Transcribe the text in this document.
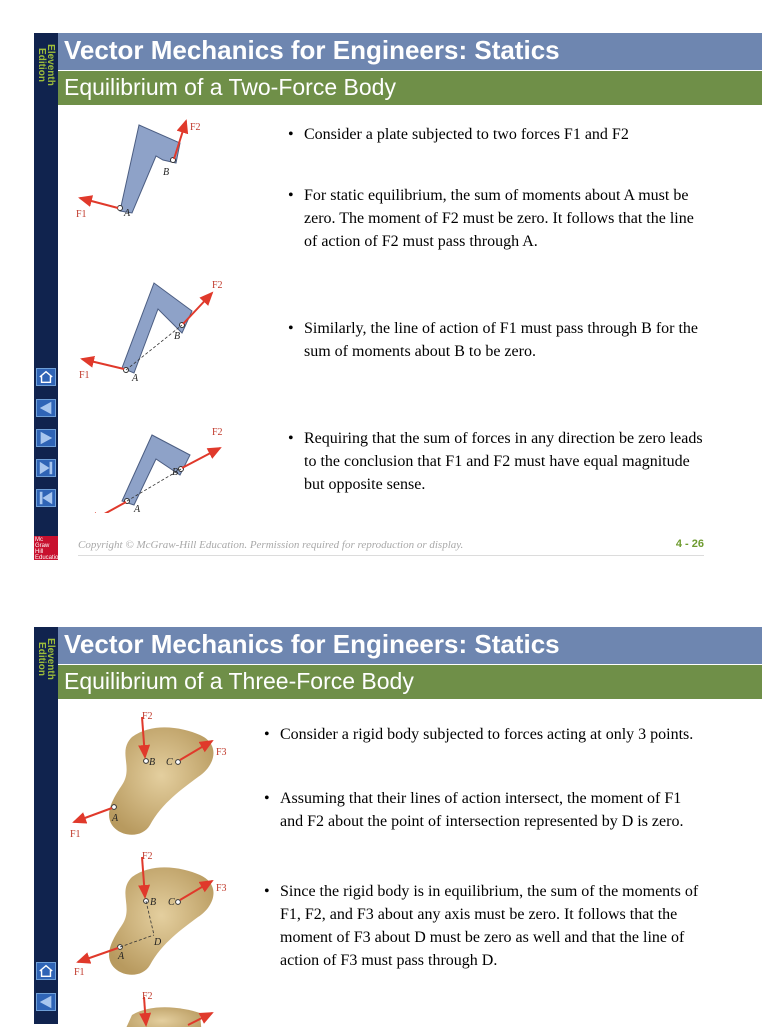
Eleventh
Edition
Mc Graw Hill Education
Vector Mechanics for Engineers: Statics
Equilibrium of a Two-Force Body
A
B
F1
F2
A
B
F1
F2
A
B
F2
• Consider a plate subjected to two forces F1 and F2
• For static equilibrium, the sum of moments about A must be zero. The moment of F2 must be zero. It follows that the line of action of F2 must pass through A.
• Similarly, the line of action of F1 must pass through B for the sum of moments about B to be zero.
• Requiring that the sum of forces in any direction be zero leads to the conclusion that F1 and F2 must have equal magnitude but opposite sense.
Copyright © McGraw-Hill Education. Permission required for reproduction or display.	4 - 26
Eleventh
Edition Vector Mechanics for Engineers: Statics
Equilibrium of a Three-Force Body
B C
A
F2
F3
F1
B C
D
A
F2
F3
F1
F2
• Consider a rigid body subjected to forces acting at only 3 points.
• Assuming that their lines of action intersect, the moment of F1 and F2 about the point of intersection represented by D is zero.
• Since the rigid body is in equilibrium, the sum of the moments of F1, F2, and F3 about any axis must be zero. It follows that the moment of F3 about D must be zero as well and that the line of action of F3 must pass through D.
